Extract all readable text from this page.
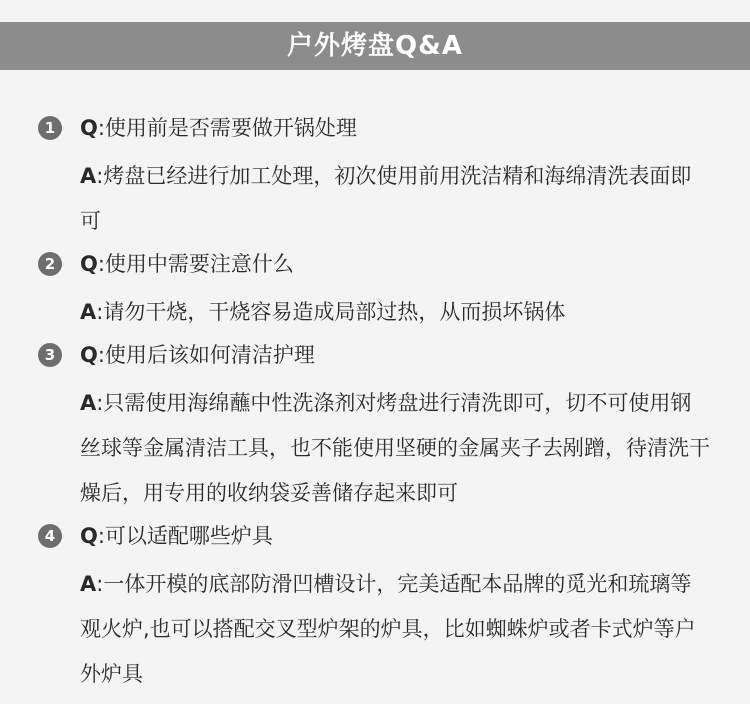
户外烤盘Q&A
1	Q:使用前是否需要做开锅处理
A:烤盘已经进行加工处理，初次使用前用洗洁精和海绵清洗表面即可
2	Q:使用中需要注意什么
A:请勿干烧，干烧容易造成局部过热，从而损坏锅体
3	Q:使用后该如何清洁护理
A:只需使用海绵蘸中性洗涤剂对烤盘进行清洗即可，切不可使用钢丝球等金属清洁工具，也不能使用坚硬的金属夹子去剐蹭，待清洗干燥后，用专用的收纳袋妥善储存起来即可
4	Q:可以适配哪些炉具
A:一体开模的底部防滑凹槽设计，完美适配本品牌的觅光和琉璃等观火炉,也可以搭配交叉型炉架的炉具，比如蜘蛛炉或者卡式炉等户外炉具
